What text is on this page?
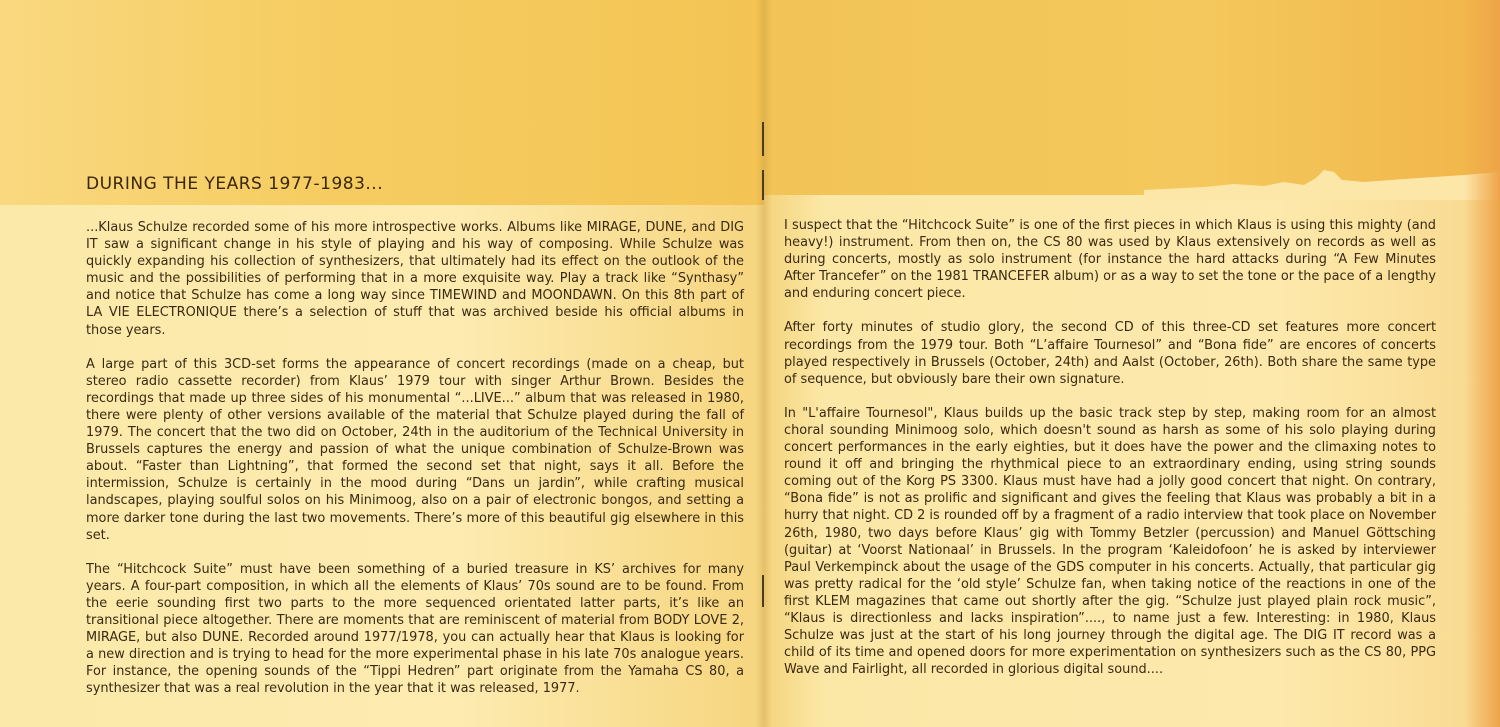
DURING THE YEARS 1977-1983...

...Klaus Schulze recorded some of his more introspective works. Albums like MIRAGE, DUNE, and DIG IT saw a significant change in his style of playing and his way of composing. While Schulze was quickly expanding his collection of synthesizers, that ultimately had its effect on the outlook of the music and the possibilities of performing that in a more exquisite way. Play a track like “Synthasy” and notice that Schulze has come a long way since TIMEWIND and MOONDAWN. On this 8th part of LA VIE ELECTRONIQUE there’s a selection of stuff that was archived beside his official albums in those years.

A large part of this 3CD-set forms the appearance of concert recordings (made on a cheap, but stereo radio cassette recorder) from Klaus’ 1979 tour with singer Arthur Brown. Besides the recordings that made up three sides of his monumental “...LIVE...” album that was released in 1980, there were plenty of other versions available of the material that Schulze played during the fall of 1979. The concert that the two did on October, 24th in the auditorium of the Technical University in Brussels captures the energy and passion of what the unique combination of Schulze-Brown was about. “Faster than Lightning”, that formed the second set that night, says it all. Before the intermission, Schulze is certainly in the mood during “Dans un jardin”, while crafting musical landscapes, playing soulful solos on his Minimoog, also on a pair of electronic bongos, and setting a more darker tone during the last two movements. There’s more of this beautiful gig elsewhere in this set.

The “Hitchcock Suite” must have been something of a buried treasure in KS’ archives for many years. A four-part composition, in which all the elements of Klaus’ 70s sound are to be found. From the eerie sounding first two parts to the more sequenced orientated latter parts, it’s like an transitional piece altogether. There are moments that are reminiscent of material from BODY LOVE 2, MIRAGE, but also DUNE. Recorded around 1977/1978, you can actually hear that Klaus is looking for a new direction and is trying to head for the more experimental phase in his late 70s analogue years. For instance, the opening sounds of the “Tippi Hedren” part originate from the Yamaha CS 80, a synthesizer that was a real revolution in the year that it was released, 1977.

I suspect that the “Hitchcock Suite” is one of the first pieces in which Klaus is using this mighty (and heavy!) instrument. From then on, the CS 80 was used by Klaus extensively on records as well as during concerts, mostly as solo instrument (for instance the hard attacks during “A Few Minutes After Trancefer” on the 1981 TRANCEFER album) or as a way to set the tone or the pace of a lengthy and enduring concert piece.

After forty minutes of studio glory, the second CD of this three-CD set features more concert recordings from the 1979 tour. Both “L’affaire Tournesol” and “Bona fide” are encores of concerts played respectively in Brussels (October, 24th) and Aalst (October, 26th). Both share the same type of sequence, but obviously bare their own signature.

In "L'affaire Tournesol", Klaus builds up the basic track step by step, making room for an almost choral sounding Minimoog solo, which doesn't sound as harsh as some of his solo playing during concert performances in the early eighties, but it does have the power and the climaxing notes to round it off and bringing the rhythmical piece to an extraordinary ending, using string sounds coming out of the Korg PS 3300. Klaus must have had a jolly good concert that night. On contrary, “Bona fide” is not as prolific and significant and gives the feeling that Klaus was probably a bit in a hurry that night. CD 2 is rounded off by a fragment of a radio interview that took place on November 26th, 1980, two days before Klaus’ gig with Tommy Betzler (percussion) and Manuel Göttsching (guitar) at ‘Voorst Nationaal’ in Brussels. In the program ‘Kaleidofoon’ he is asked by interviewer Paul Verkempinck about the usage of the GDS computer in his concerts. Actually, that particular gig was pretty radical for the ‘old style’ Schulze fan, when taking notice of the reactions in one of the first KLEM magazines that came out shortly after the gig. “Schulze just played plain rock music”, “Klaus is directionless and lacks inspiration”...., to name just a few. Interesting: in 1980, Klaus Schulze was just at the start of his long journey through the digital age. The DIG IT record was a child of its time and opened doors for more experimentation on synthesizers such as the CS 80, PPG Wave and Fairlight, all recorded in glorious digital sound....
